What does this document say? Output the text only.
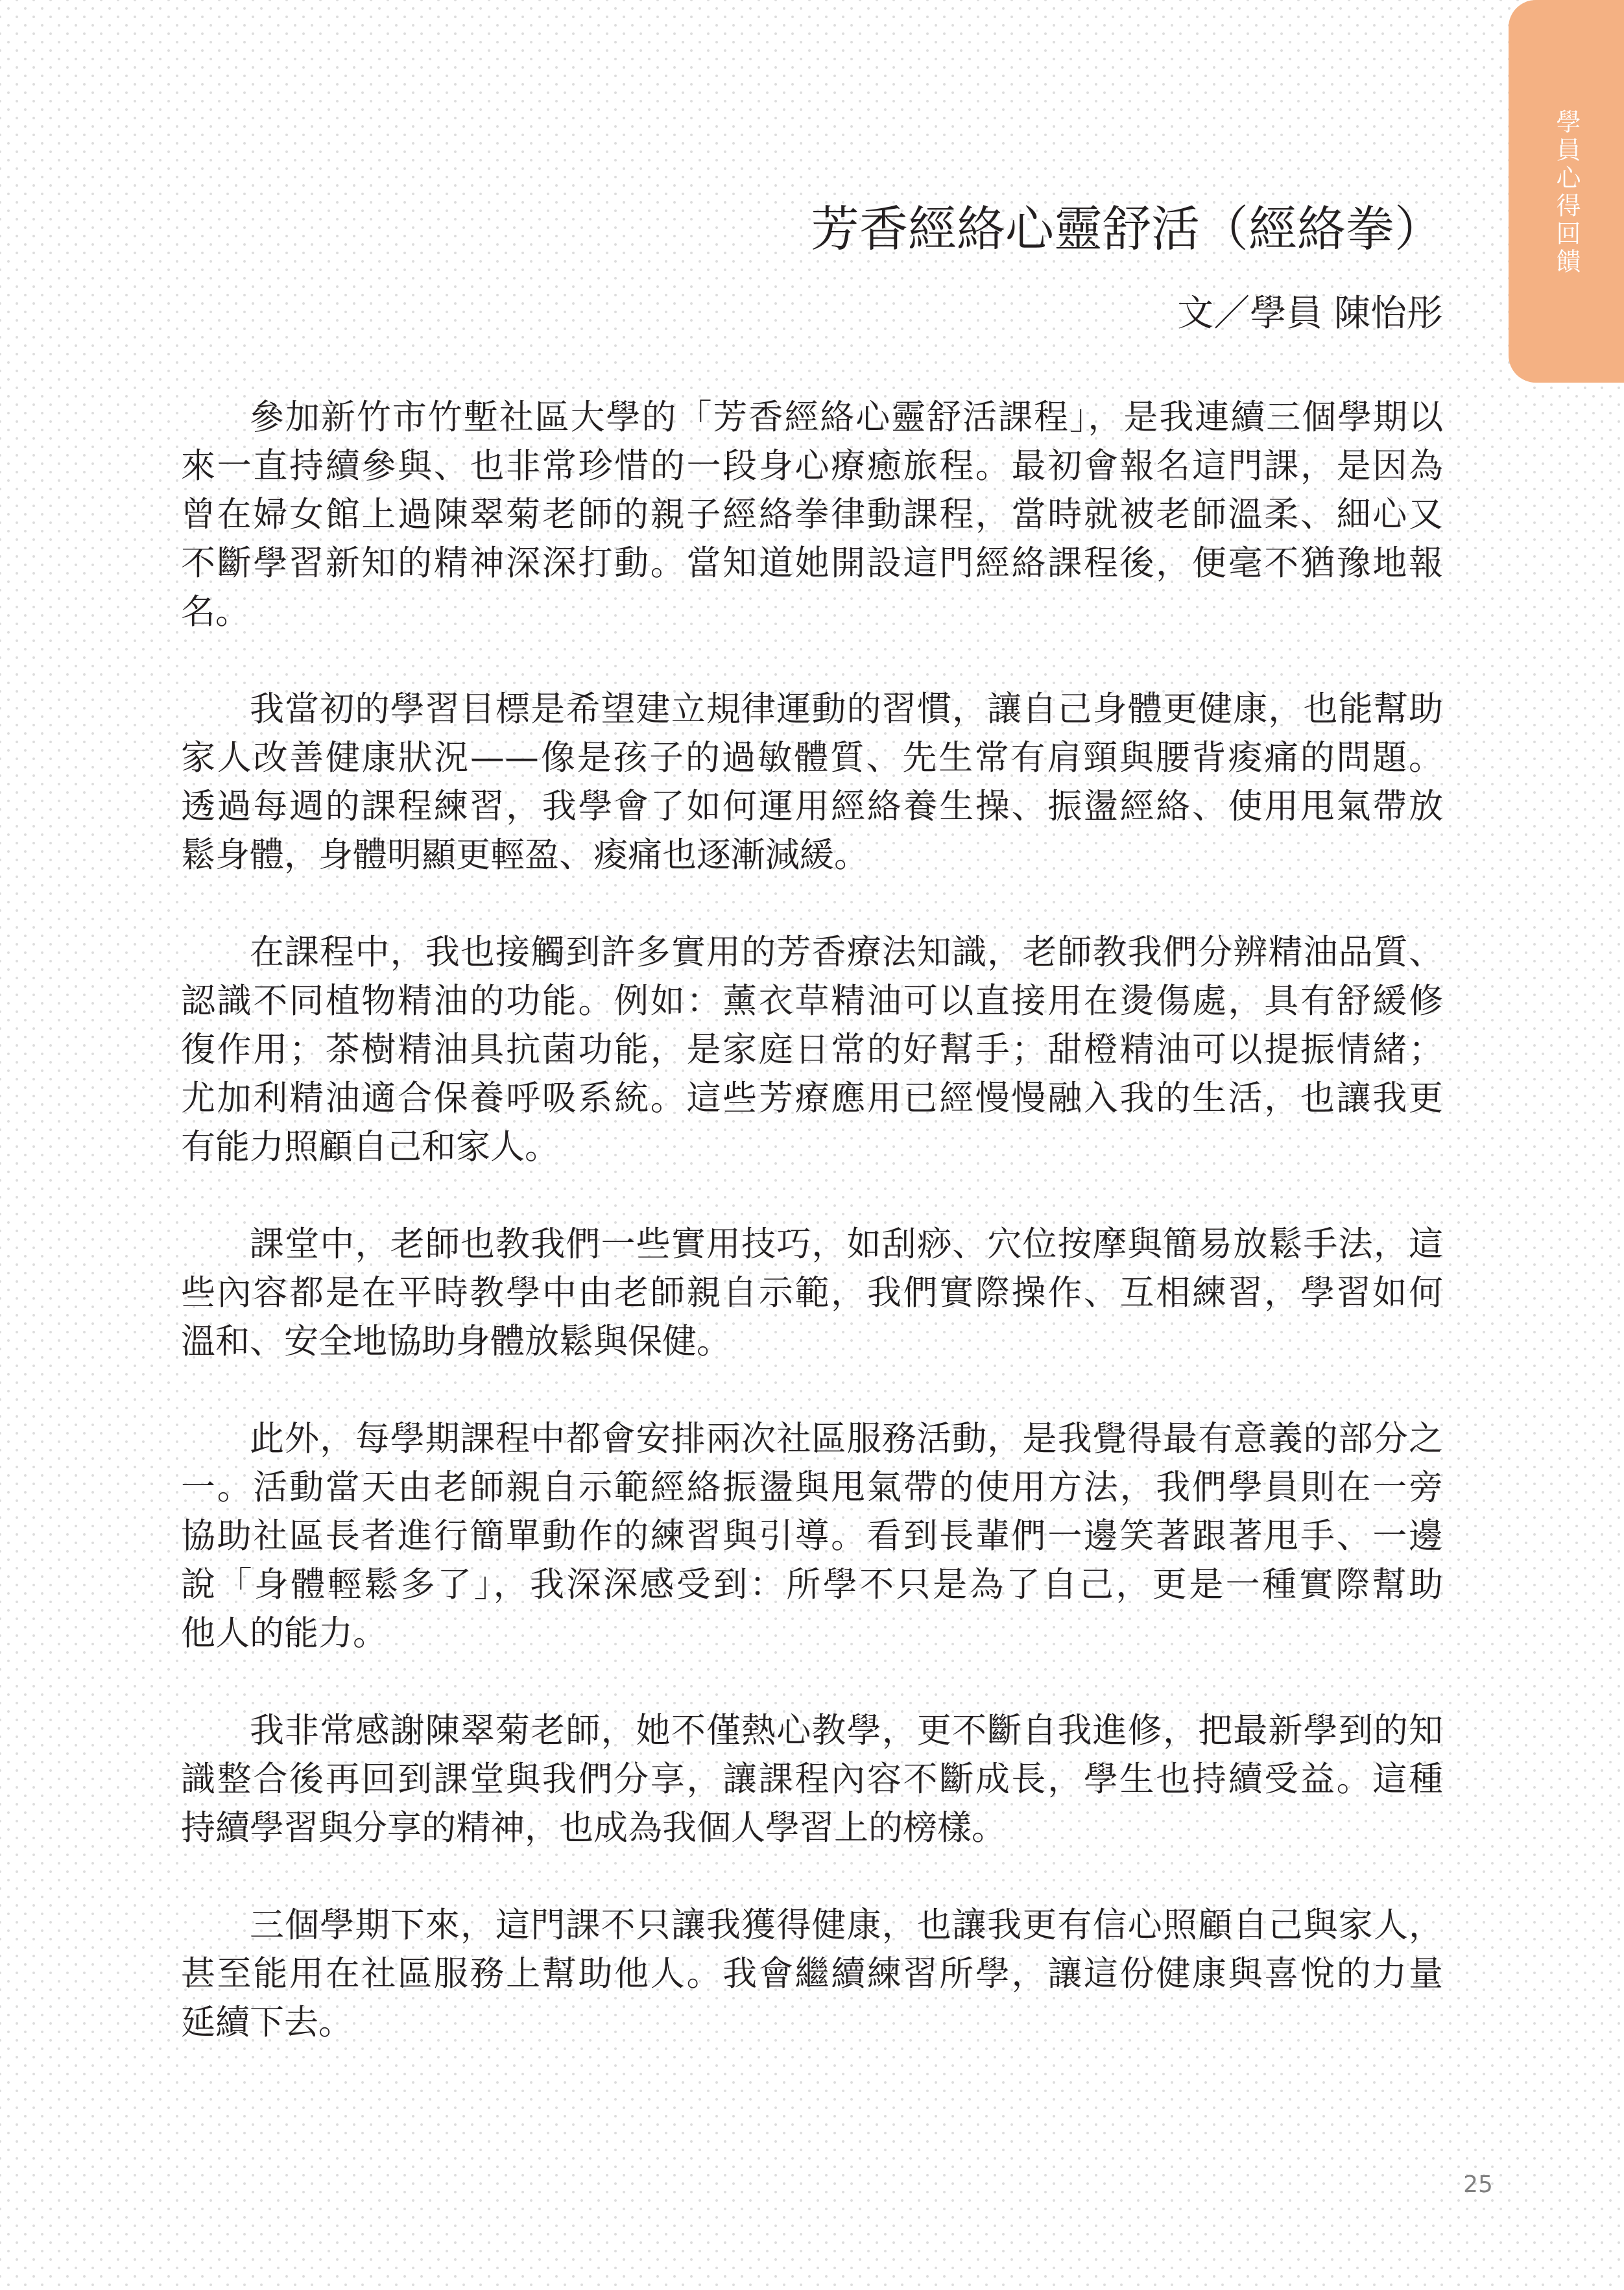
學員心得回饋
芳香經絡心靈舒活（經絡拳）
文／學員 陳怡彤
參加新竹市竹塹社區大學的「芳香經絡心靈舒活課程」，是我連續三個學期以
來一直持續參與、也非常珍惜的一段身心療癒旅程。最初會報名這門課，是因為
曾在婦女館上過陳翠菊老師的親子經絡拳律動課程，當時就被老師溫柔、細心又
不斷學習新知的精神深深打動。當知道她開設這門經絡課程後，便毫不猶豫地報
名。
我當初的學習目標是希望建立規律運動的習慣，讓自己身體更健康，也能幫助
家人改善健康狀況——像是孩子的過敏體質、先生常有肩頸與腰背痠痛的問題。
透過每週的課程練習，我學會了如何運用經絡養生操、振盪經絡、使用甩氣帶放
鬆身體，身體明顯更輕盈、痠痛也逐漸減緩。
在課程中，我也接觸到許多實用的芳香療法知識，老師教我們分辨精油品質、
認識不同植物精油的功能。例如：薰衣草精油可以直接用在燙傷處，具有舒緩修
復作用；茶樹精油具抗菌功能，是家庭日常的好幫手；甜橙精油可以提振情緒；
尤加利精油適合保養呼吸系統。這些芳療應用已經慢慢融入我的生活，也讓我更
有能力照顧自己和家人。
課堂中，老師也教我們一些實用技巧，如刮痧、穴位按摩與簡易放鬆手法，這
些內容都是在平時教學中由老師親自示範，我們實際操作、互相練習，學習如何
溫和、安全地協助身體放鬆與保健。
此外，每學期課程中都會安排兩次社區服務活動，是我覺得最有意義的部分之
一。活動當天由老師親自示範經絡振盪與甩氣帶的使用方法，我們學員則在一旁
協助社區長者進行簡單動作的練習與引導。看到長輩們一邊笑著跟著甩手、一邊
說「身體輕鬆多了」，我深深感受到：所學不只是為了自己，更是一種實際幫助
他人的能力。
我非常感謝陳翠菊老師，她不僅熱心教學，更不斷自我進修，把最新學到的知
識整合後再回到課堂與我們分享，讓課程內容不斷成長，學生也持續受益。這種
持續學習與分享的精神，也成為我個人學習上的榜樣。
三個學期下來，這門課不只讓我獲得健康，也讓我更有信心照顧自己與家人，
甚至能用在社區服務上幫助他人。我會繼續練習所學，讓這份健康與喜悅的力量
延續下去。
25
